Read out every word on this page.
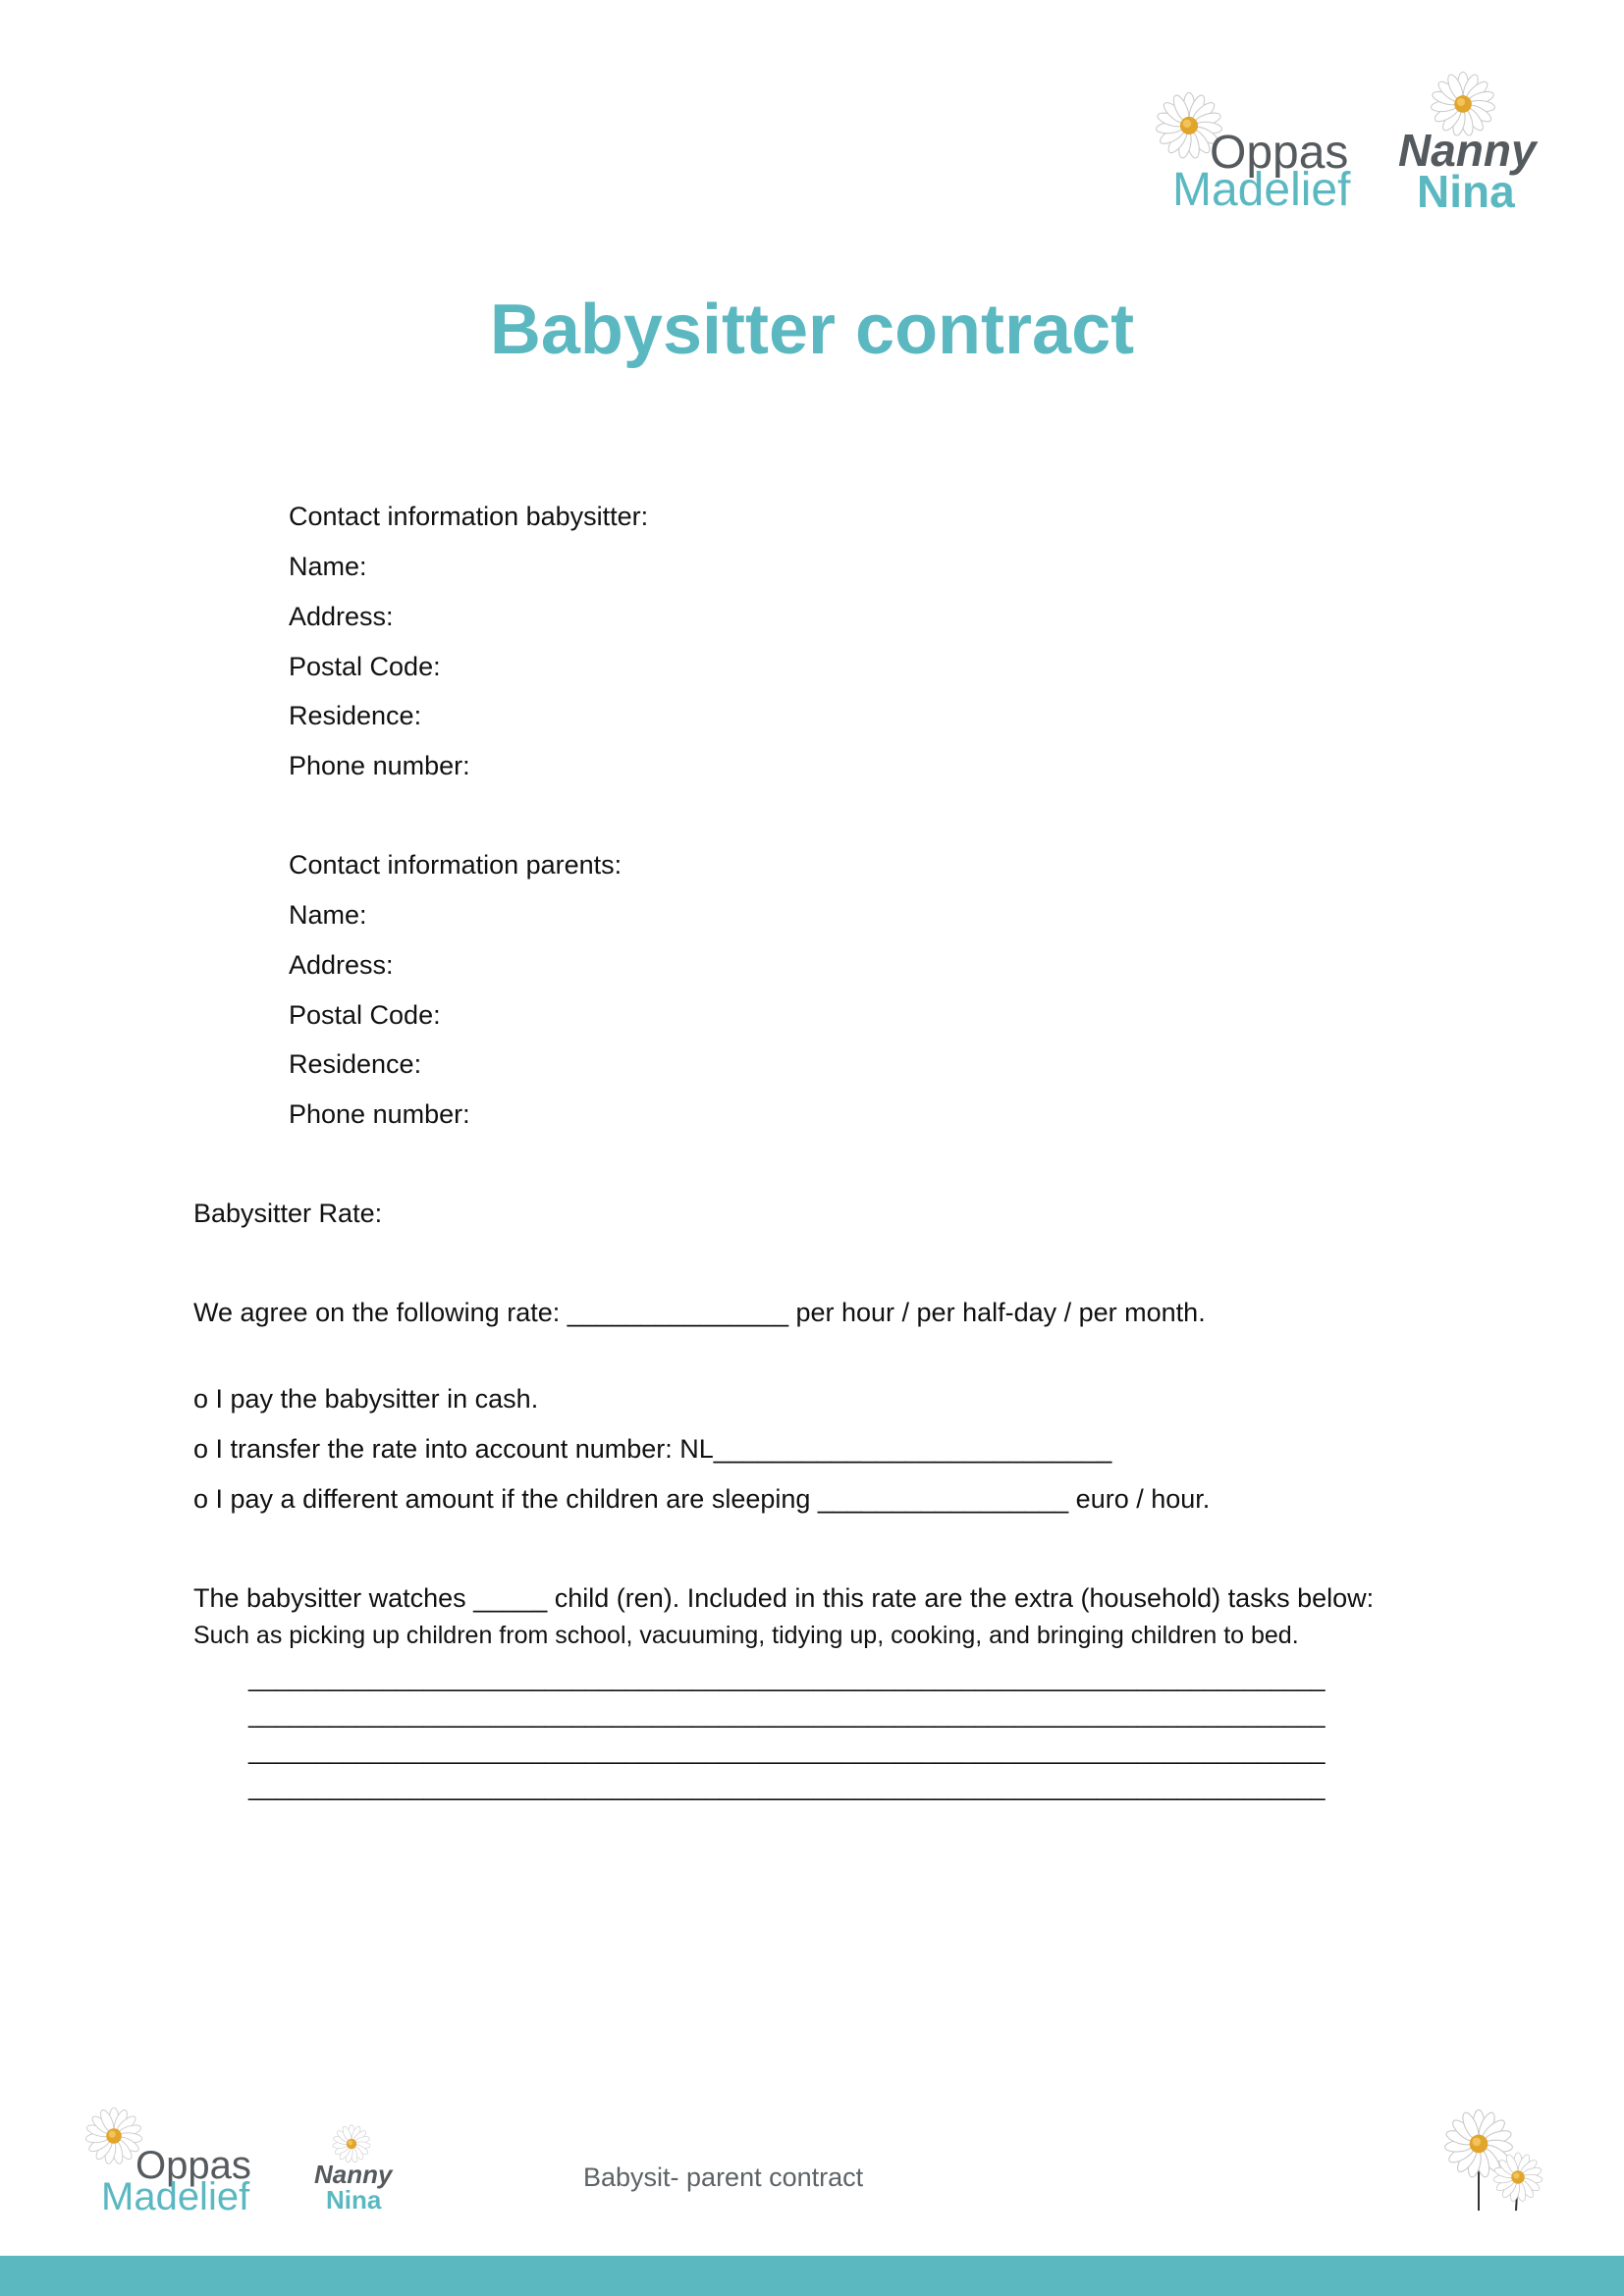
Oppas
Madelief
Nanny
Nina
Babysitter contract
Contact information babysitter:
Name:
Address:
Postal Code:
Residence:
Phone number:
Contact information parents:
Name:
Address:
Postal Code:
Residence:
Phone number:
Babysitter Rate:
We agree on the following rate: _______________ per hour / per half-day / per month.
o I pay the babysitter in cash.
o I transfer the rate into account number: NL___________________________
o I pay a different amount if the children are sleeping _________________ euro / hour.
The babysitter watches _____ child (ren). Included in this rate are the extra (household) tasks below:
Such as picking up children from school, vacuuming, tidying up, cooking, and bringing children to bed.
________________________________________________________________________________
________________________________________________________________________________
________________________________________________________________________________
________________________________________________________________________________
Oppas
Madelief
Nanny
Nina
Babysit- parent contract
